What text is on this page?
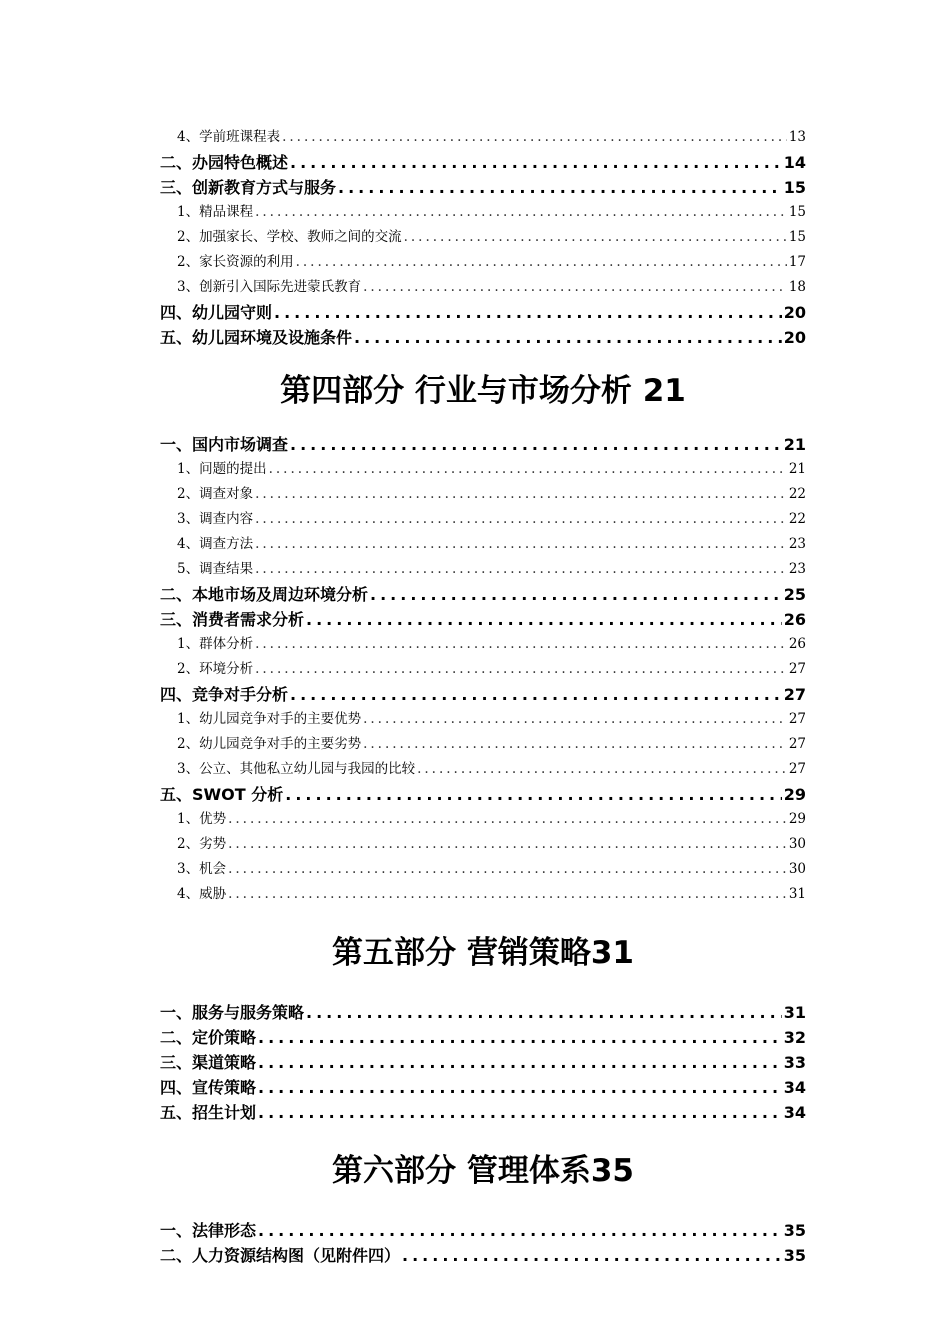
4、学前班课程表 .....	13
二、办园特色概述 .....	14
三、创新教育方式与服务 .....	15
1、精品课程 .....	15
2、加强家长、学校、教师之间的交流 .....	15
2、家长资源的利用 .....	17
3、创新引入国际先进蒙氏教育 .....	18
四、幼儿园守则 .....	20
五、幼儿园环境及设施条件 .....	20
第四部分 行业与市场分析 21
一、国内市场调查 .....	21
1、问题的提出 .....	21
2、调查对象 .....	22
3、调查内容 .....	22
4、调查方法 .....	23
5、调查结果 .....	23
二、本地市场及周边环境分析 .....	25
三、消费者需求分析 .....	26
1、群体分析 .....	26
2、环境分析 .....	27
四、竞争对手分析 .....	27
1、幼儿园竞争对手的主要优势 .....	27
2、幼儿园竞争对手的主要劣势 .....	27
3、公立、其他私立幼儿园与我园的比较 .....	27
五、SWOT 分析 .....	29
1、优势 .....	29
2、劣势 .....	30
3、机会 .....	30
4、威胁 .....	31
第五部分 营销策略31
一、服务与服务策略 .....	31
二、定价策略 .....	32
三、渠道策略 .....	33
四、宣传策略 .....	34
五、招生计划 .....	34
第六部分 管理体系35
一、法律形态 .....	35
二、人力资源结构图（见附件四） .....	35
